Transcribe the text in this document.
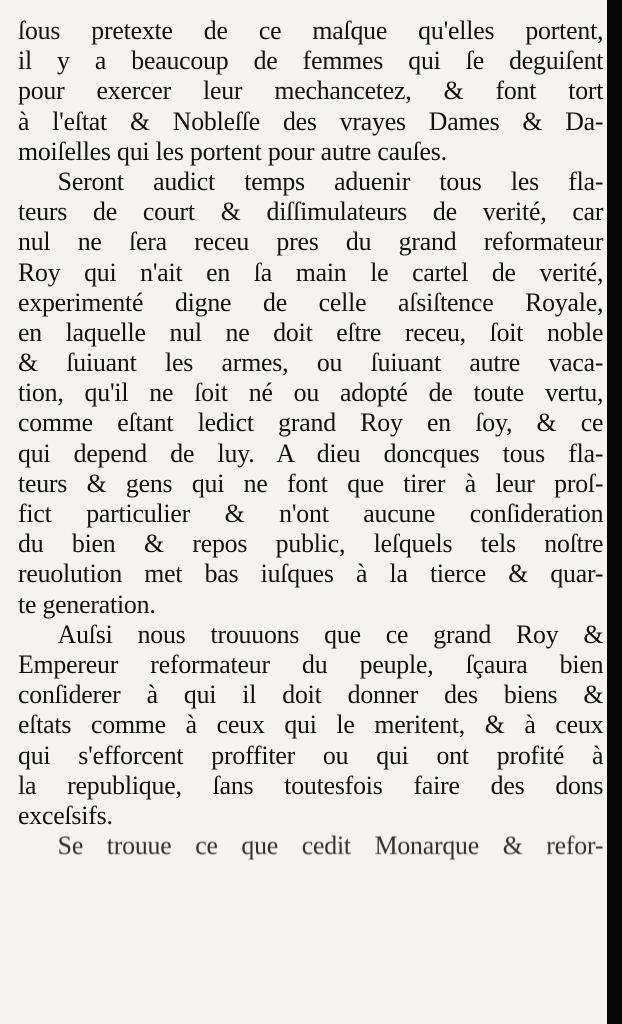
ſous pretexte de ce maſque qu'elles portent,
il y a beaucoup de femmes qui ſe deguiſent
pour exercer leur mechancetez, & font tort
à l'eſtat & Nobleſſe des vrayes Dames & Da-
moiſelles qui les portent pour autre cauſes.
Seront audict temps aduenir tous les fla-
teurs de court & diſſimulateurs de verité, car
nul ne ſera receu pres du grand reformateur
Roy qui n'ait en ſa main le cartel de verité,
experimenté digne de celle aſsiſtence Royale,
en laquelle nul ne doit eſtre receu, ſoit noble
& ſuiuant les armes, ou ſuiuant autre vaca-
tion, qu'il ne ſoit né ou adopté de toute vertu,
comme eſtant ledict grand Roy en ſoy, & ce
qui depend de luy. A dieu doncques tous fla-
teurs & gens qui ne font que tirer à leur proſ-
fict particulier & n'ont aucune conſideration
du bien & repos public, leſquels tels noſtre
reuolution met bas iuſques à la tierce & quar-
te generation.
Auſsi nous trouuons que ce grand Roy &
Empereur reformateur du peuple, ſçaura bien
conſiderer à qui il doit donner des biens &
eſtats comme à ceux qui le meritent, & à ceux
qui s'efforcent proffiter ou qui ont profité à
la republique, ſans toutesfois faire des dons
exceſsifs.
Se trouue ce que cedit Monarque & refor-
